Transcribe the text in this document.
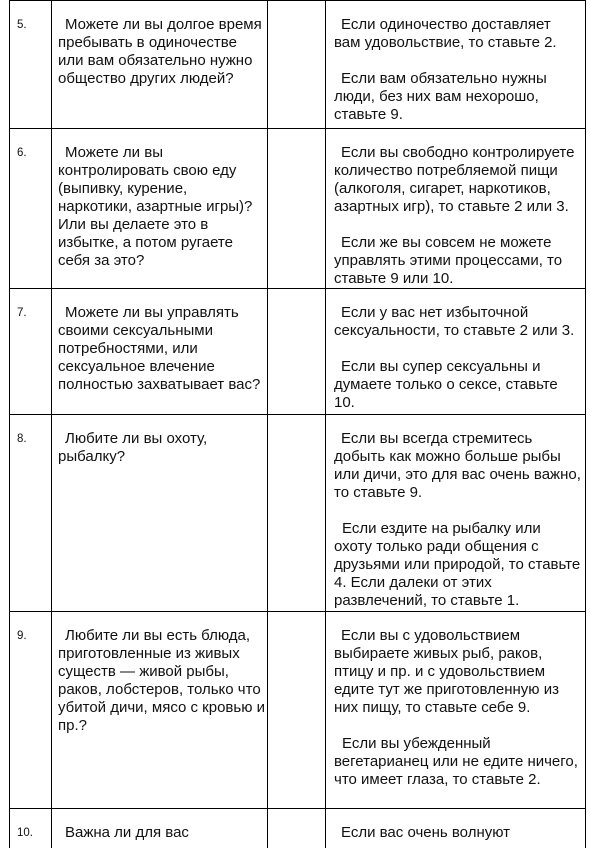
5.	Можете ли вы долгое время пребывать в одиночестве или вам обязательно нужно общество других людей?		Если одиночество доставляет вам удовольствие, то ставьте 2.

Если вам обязательно нужны люди, без них вам нехорошо, ставьте 9.

6.	Можете ли вы контролировать свою еду (выпивку, курение, наркотики, азартные игры)? Или вы делаете это в избытке, а потом ругаете себя за это?		Если вы свободно контролируете количество потребляемой пищи (алкоголя, сигарет, наркотиков, азартных игр), то ставьте 2 или 3.

Если же вы совсем не можете управлять этими процессами, то ставьте 9 или 10.

7.	Можете ли вы управлять своими сексуальными потребностями, или сексуальное влечение полностью захватывает вас?		Если у вас нет избыточной сексуальности, то ставьте 2 или 3.

Если вы супер сексуальны и думаете только о сексе, ставьте 10.

8.	Любите ли вы охоту, рыбалку?		Если вы всегда стремитесь добыть как можно больше рыбы или дичи, это для вас очень важно, то ставьте 9.

Если ездите на рыбалку или охоту только ради общения с друзьями или природой, то ставьте 4. Если далеки от этих развлечений, то ставьте 1.

9.	Любите ли вы есть блюда, приготовленные из живых существ — живой рыбы, раков, лобстеров, только что убитой дичи, мясо с кровью и пр.?		Если вы с удовольствием выбираете живых рыб, раков, птицу и пр. и с удовольствием едите тут же приготовленную из них пищу, то ставьте себе 9.

Если вы убежденный вегетарианец или не едите ничего, что имеет глаза, то ставьте 2.

10.	Важна ли для вас		Если вас очень волнуют
